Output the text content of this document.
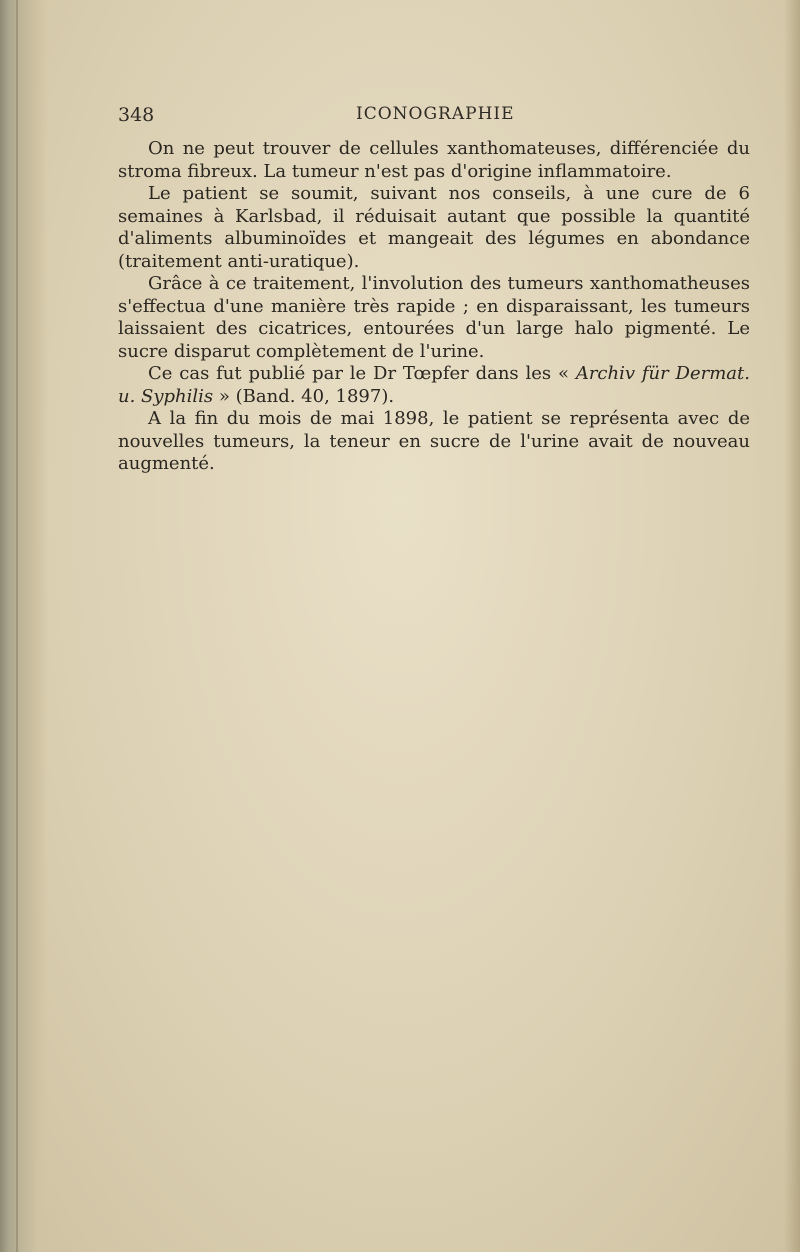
348	ICONOGRAPHIE

On ne peut trouver de cellules xanthomateuses, différenciée du stroma fibreux. La tumeur n'est pas d'origine inflammatoire.

Le patient se soumit, suivant nos conseils, à une cure de 6 semaines à Karlsbad, il réduisait autant que possible la quantité d'aliments albuminoïdes et mangeait des légumes en abondance (traitement anti-uratique).

Grâce à ce traitement, l'involution des tumeurs xanthomatheuses s'effectua d'une manière très rapide ; en disparaissant, les tumeurs laissaient des cicatrices, entourées d'un large halo pigmenté. Le sucre disparut complètement de l'urine.

Ce cas fut publié par le Dr Tœpfer dans les « Archiv für Dermat. u. Syphilis » (Band. 40, 1897).

A la fin du mois de mai 1898, le patient se représenta avec de nouvelles tumeurs, la teneur en sucre de l'urine avait de nouveau augmenté.
